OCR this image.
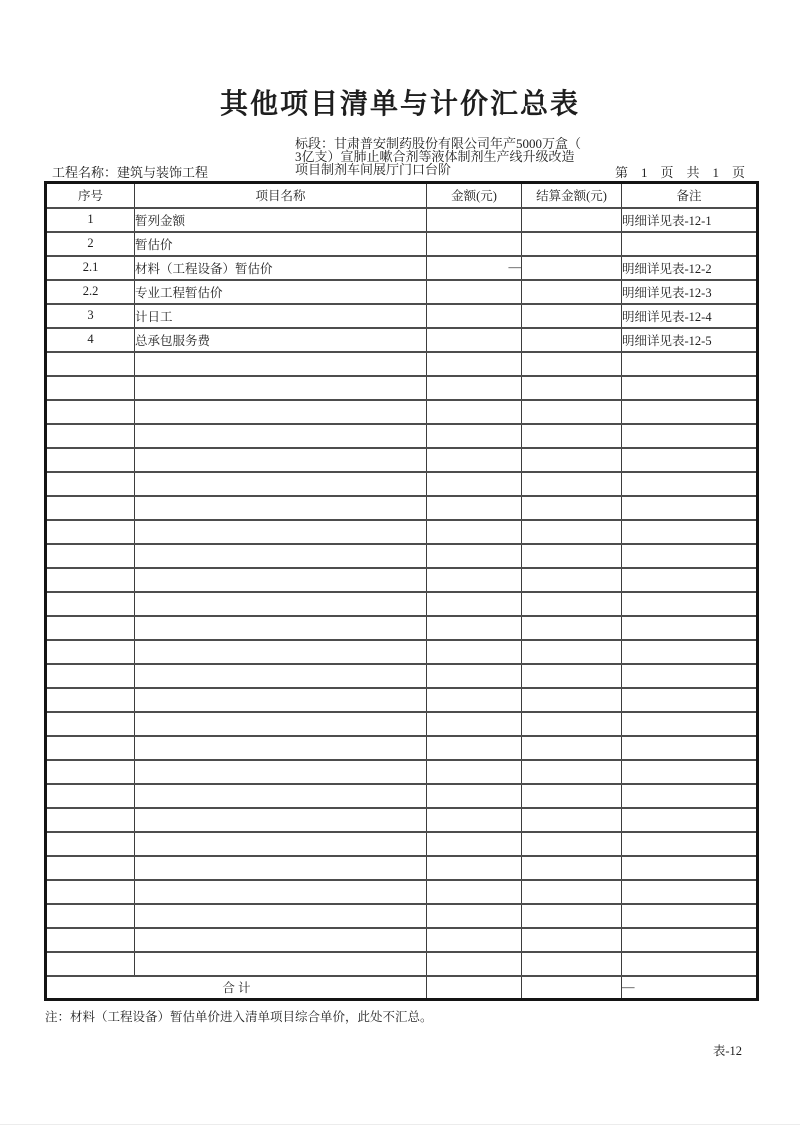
其他项目清单与计价汇总表
标段：甘肃普安制药股份有限公司年产5000万盒（
3亿支）宣肺止嗽合剂等液体制剂生产线升级改造
项目制剂车间展厅门口台阶
工程名称：建筑与装饰工程	第　1　页　共　1　页
序号	项目名称	金额(元)	结算金额(元)	备注
1	暂列金额			明细详见表-12-1
2	暂估价			
2.1	材料（工程设备）暂估价	—		明细详见表-12-2
2.2	专业工程暂估价			明细详见表-12-3
3	计日工			明细详见表-12-4
4	总承包服务费			明细详见表-12-5

合 计				—
注：材料（工程设备）暂估单价进入清单项目综合单价，此处不汇总。
表-12
